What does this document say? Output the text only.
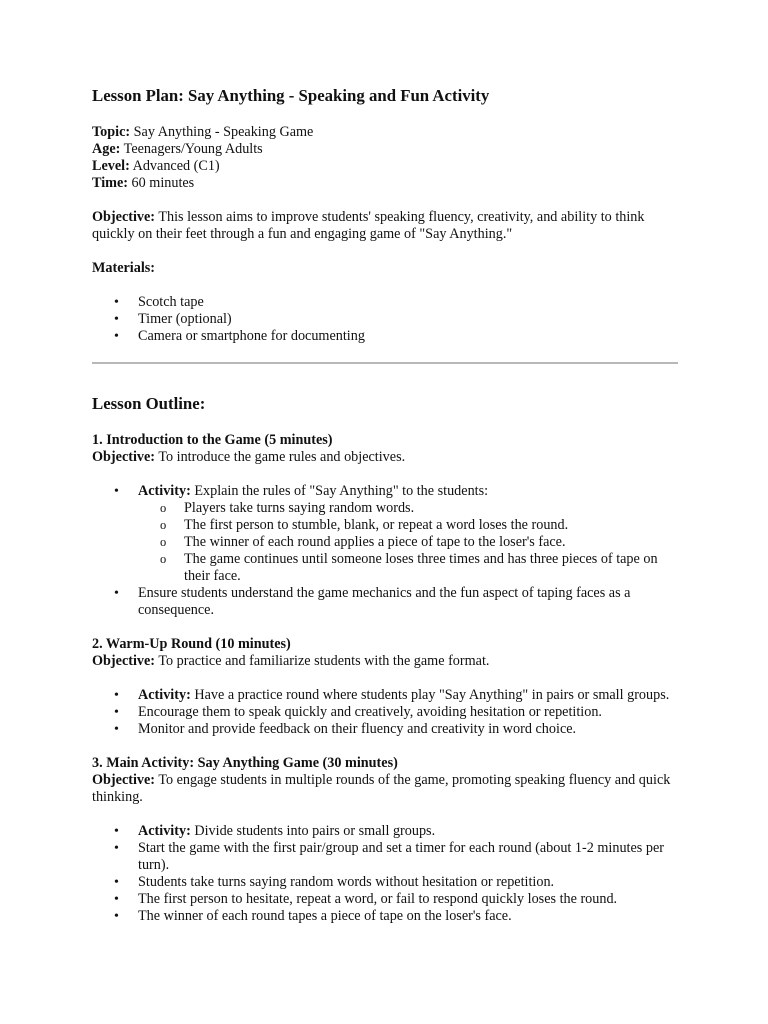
Lesson Plan: Say Anything - Speaking and Fun Activity

Topic: Say Anything - Speaking Game

Age: Teenagers/Young Adults

Level: Advanced (C1)

Time: 60 minutes

Objective: This lesson aims to improve students' speaking fluency, creativity, and ability to think quickly on their feet through a fun and engaging game of "Say Anything."

Materials:

• Scotch tape
• Timer (optional)
• Camera or smartphone for documenting
Lesson Outline:

1. Introduction to the Game (5 minutes)

Objective: To introduce the game rules and objectives.

• Activity: Explain the rules of "Say Anything" to the students:
o Players take turns saying random words.
o The first person to stumble, blank, or repeat a word loses the round.
o The winner of each round applies a piece of tape to the loser's face.
o The game continues until someone loses three times and has three pieces of tape on their face.
• Ensure students understand the game mechanics and the fun aspect of taping faces as a consequence.

2. Warm-Up Round (10 minutes)

Objective: To practice and familiarize students with the game format.

• Activity: Have a practice round where students play "Say Anything" in pairs or small groups.
• Encourage them to speak quickly and creatively, avoiding hesitation or repetition.
• Monitor and provide feedback on their fluency and creativity in word choice.

3. Main Activity: Say Anything Game (30 minutes)

Objective: To engage students in multiple rounds of the game, promoting speaking fluency and quick thinking.

• Activity: Divide students into pairs or small groups.
• Start the game with the first pair/group and set a timer for each round (about 1-2 minutes per turn).
• Students take turns saying random words without hesitation or repetition.
• The first person to hesitate, repeat a word, or fail to respond quickly loses the round.
• The winner of each round tapes a piece of tape on the loser's face.
